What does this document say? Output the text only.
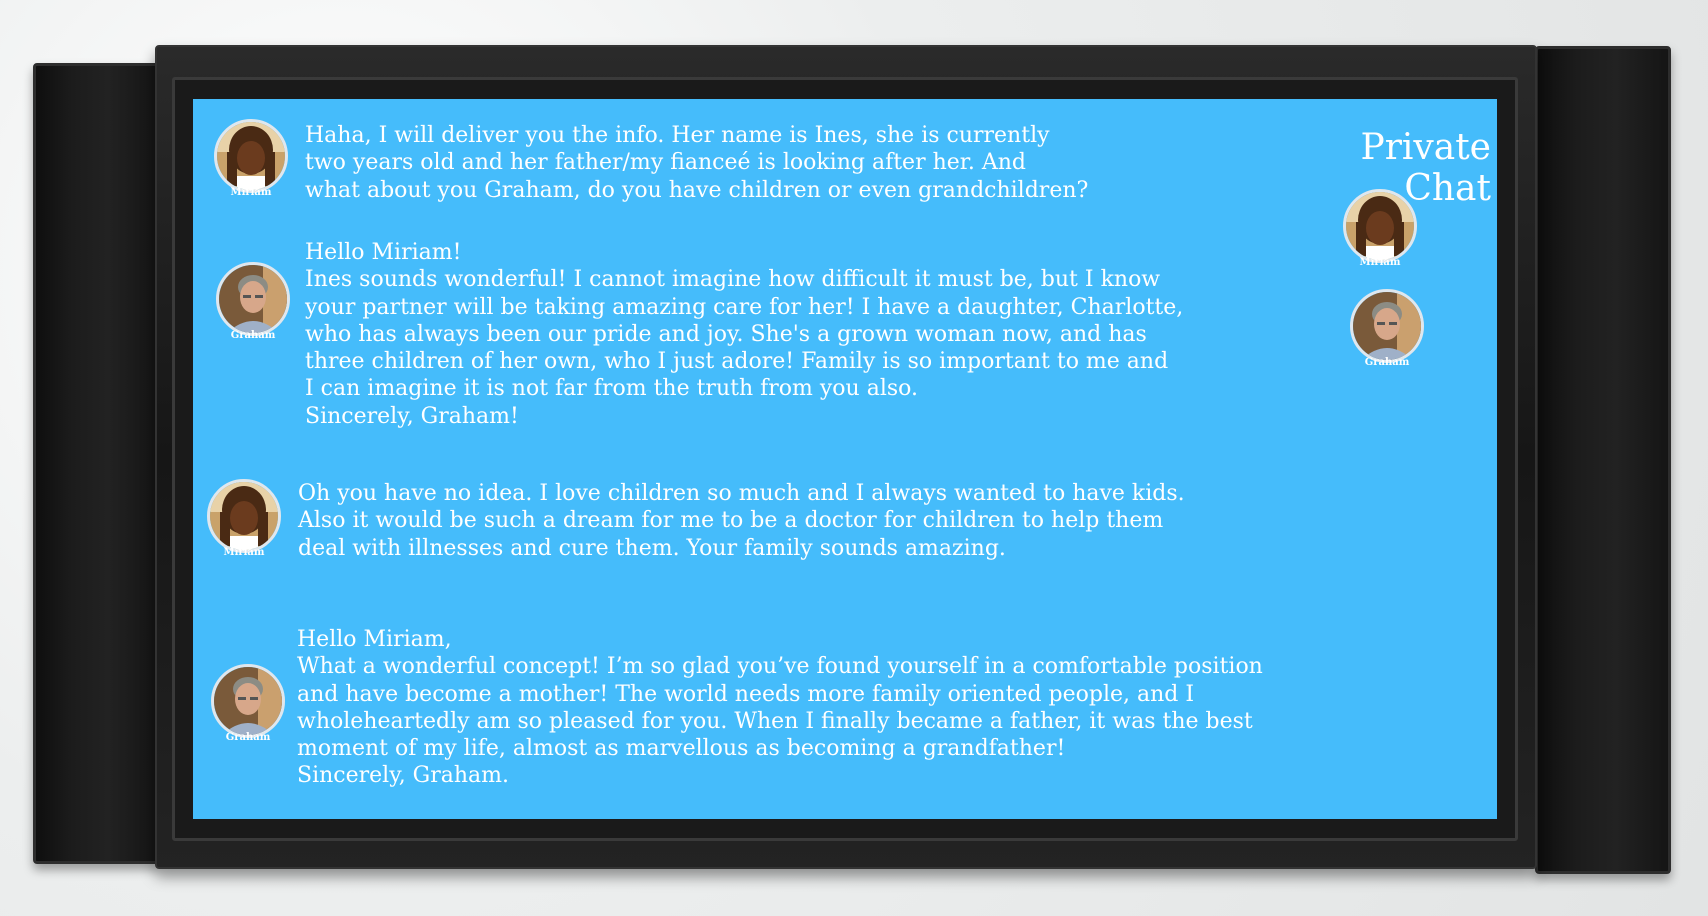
Miriam

Haha, I will deliver you the info. Her name is Ines, she is currently
two years old and her father/my fianceé is looking after her. And
what about you Graham, do you have children or even grandchildren?

Graham

Hello Miriam!
Ines sounds wonderful! I cannot imagine how difficult it must be, but I know
your partner will be taking amazing care for her! I have a daughter, Charlotte,
who has always been our pride and joy. She's a grown woman now, and has
three children of her own, who I just adore! Family is so important to me and
I can imagine it is not far from the truth from you also.
Sincerely, Graham!

Miriam

Oh you have no idea. I love children so much and I always wanted to have kids.
Also it would be such a dream for me to be a doctor for children to help them
deal with illnesses and cure them. Your family sounds amazing.

Graham

Hello Miriam,
What a wonderful concept! I’m so glad you’ve found yourself in a comfortable position
and have become a mother! The world needs more family oriented people, and I
wholeheartedly am so pleased for you. When I finally became a father, it was the best
moment of my life, almost as marvellous as becoming a grandfather!
Sincerely, Graham.

Private Chat
Miriam
Graham
